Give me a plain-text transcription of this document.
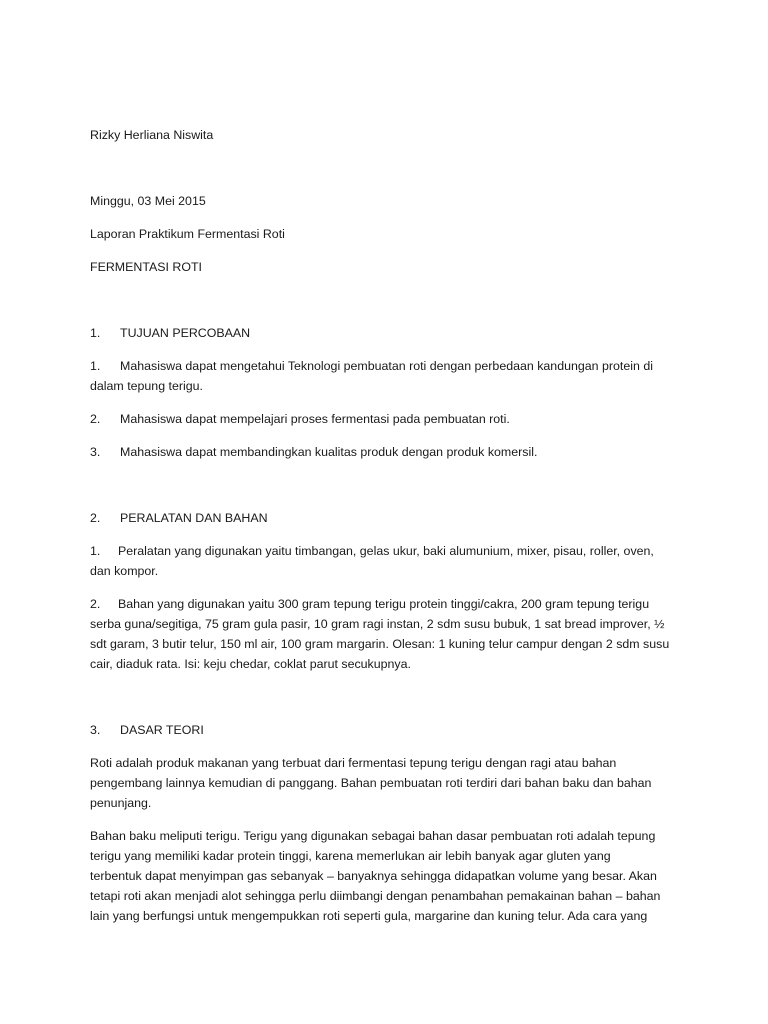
Rizky Herliana Niswita
Minggu, 03 Mei 2015
Laporan Praktikum Fermentasi Roti
FERMENTASI ROTI
1. TUJUAN PERCOBAAN
1. Mahasiswa dapat mengetahui Teknologi pembuatan roti dengan perbedaan kandungan protein di
dalam tepung terigu.
2. Mahasiswa dapat mempelajari proses fermentasi pada pembuatan roti.
3. Mahasiswa dapat membandingkan kualitas produk dengan produk komersil.
2. PERALATAN DAN BAHAN
1. Peralatan yang digunakan yaitu timbangan, gelas ukur, baki alumunium, mixer, pisau, roller, oven,
dan kompor.
2. Bahan yang digunakan yaitu 300 gram tepung terigu protein tinggi/cakra, 200 gram tepung terigu
serba guna/segitiga, 75 gram gula pasir, 10 gram ragi instan, 2 sdm susu bubuk, 1 sat bread improver, ½
sdt garam, 3 butir telur, 150 ml air, 100 gram margarin. Olesan: 1 kuning telur campur dengan 2 sdm susu
cair, diaduk rata. Isi: keju chedar, coklat parut secukupnya.
3. DASAR TEORI
Roti adalah produk makanan yang terbuat dari fermentasi tepung terigu dengan ragi atau bahan
pengembang lainnya kemudian di panggang. Bahan pembuatan roti terdiri dari bahan baku dan bahan
penunjang.
Bahan baku meliputi terigu. Terigu yang digunakan sebagai bahan dasar pembuatan roti adalah tepung
terigu yang memiliki kadar protein tinggi, karena memerlukan air lebih banyak agar gluten yang
terbentuk dapat menyimpan gas sebanyak – banyaknya sehingga didapatkan volume yang besar. Akan
tetapi roti akan menjadi alot sehingga perlu diimbangi dengan penambahan pemakainan bahan – bahan
lain yang berfungsi untuk mengempukkan roti seperti gula, margarine dan kuning telur. Ada cara yang
